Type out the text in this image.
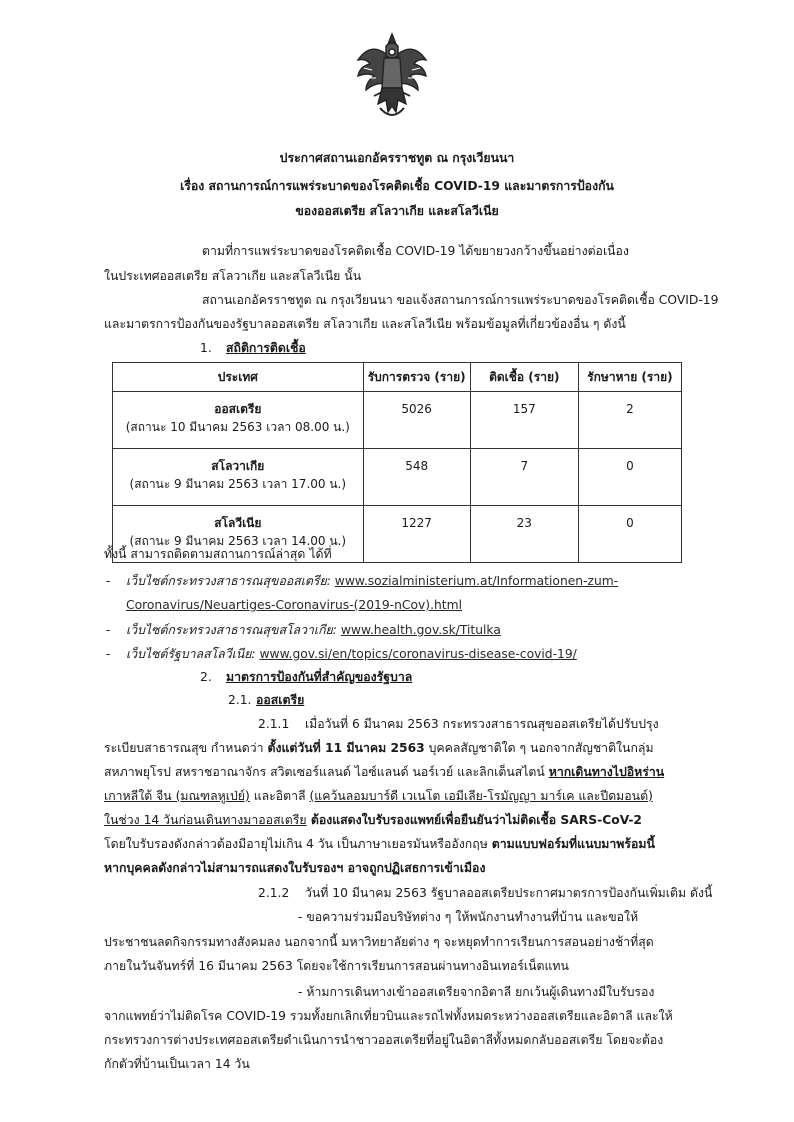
ประกาศสถานเอกอัครราชทูต ณ กรุงเวียนนา
เรื่อง สถานการณ์การแพร่ระบาดของโรคติดเชื้อ COVID-19 และมาตรการป้องกัน
ของออสเตรีย สโลวาเกีย และสโลวีเนีย
ตามที่การแพร่ระบาดของโรคติดเชื้อ COVID-19 ได้ขยายวงกว้างขึ้นอย่างต่อเนื่อง
ในประเทศออสเตรีย สโลวาเกีย และสโลวีเนีย นั้น
สถานเอกอัครราชทูต ณ กรุงเวียนนา ขอแจ้งสถานการณ์การแพร่ระบาดของโรคติดเชื้อ COVID-19
และมาตรการป้องกันของรัฐบาลออสเตรีย สโลวาเกีย และสโลวีเนีย พร้อมข้อมูลที่เกี่ยวข้องอื่น ๆ ดังนี้
1. สถิติการติดเชื้อ
ประเทศ	รับการตรวจ (ราย)	ติดเชื้อ (ราย)	รักษาหาย (ราย)

ออสเตรีย
(สถานะ 10 มีนาคม 2563 เวลา 08.00 น.)	5026	157	2

สโลวาเกีย
(สถานะ 9 มีนาคม 2563 เวลา 17.00 น.)	548	7	0

สโลวีเนีย
(สถานะ 9 มีนาคม 2563 เวลา 14.00 น.)	1227	23	0
ทั้งนี้ สามารถติดตามสถานการณ์ล่าสุด ได้ที่
- เว็บไซต์กระทรวงสาธารณสุขออสเตรีย: www.sozialministerium.at/Informationen-zum-
Coronavirus/Neuartiges-Coronavirus-(2019-nCov).html
- เว็บไซต์กระทรวงสาธารณสุขสโลวาเกีย: www.health.gov.sk/Titulka
- เว็บไซต์รัฐบาลสโลวีเนีย: www.gov.si/en/topics/coronavirus-disease-covid-19/
2. มาตรการป้องกันที่สำคัญของรัฐบาล
2.1. ออสเตรีย
2.1.1 เมื่อวันที่ 6 มีนาคม 2563 กระทรวงสาธารณสุขออสเตรียได้ปรับปรุง
ระเบียบสาธารณสุข กำหนดว่า ตั้งแต่วันที่ 11 มีนาคม 2563 บุคคลสัญชาติใด ๆ นอกจากสัญชาติในกลุ่ม
สหภาพยุโรป สหราชอาณาจักร สวิตเซอร์แลนด์ ไอซ์แลนด์ นอร์เวย์ และลิกเต็นสไตน์ หากเดินทางไปอิหร่าน
เกาหลีใต้ จีน (มณฑลหูเป่ย์) และอิตาลี (แคว้นลอมบาร์ดี เวเนโต เอมีเลีย-โรมัญญา มาร์เค และปีดมอนต์)
ในช่วง 14 วันก่อนเดินทางมาออสเตรีย ต้องแสดงใบรับรองแพทย์เพื่อยืนยันว่าไม่ติดเชื้อ SARS-CoV-2
โดยใบรับรองดังกล่าวต้องมีอายุไม่เกิน 4 วัน เป็นภาษาเยอรมันหรืออังกฤษ ตามแบบฟอร์มที่แนบมาพร้อมนี้
หากบุคคลดังกล่าวไม่สามารถแสดงใบรับรองฯ อาจถูกปฏิเสธการเข้าเมือง
2.1.2 วันที่ 10 มีนาคม 2563 รัฐบาลออสเตรียประกาศมาตรการป้องกันเพิ่มเติม ดังนี้
- ขอความร่วมมือบริษัทต่าง ๆ ให้พนักงานทำงานที่บ้าน และขอให้
ประชาชนลดกิจกรรมทางสังคมลง นอกจากนี้ มหาวิทยาลัยต่าง ๆ จะหยุดทำการเรียนการสอนอย่างช้าที่สุด
ภายในวันจันทร์ที่ 16 มีนาคม 2563 โดยจะใช้การเรียนการสอนผ่านทางอินเทอร์เน็ตแทน
- ห้ามการเดินทางเข้าออสเตรียจากอิตาลี ยกเว้นผู้เดินทางมีใบรับรอง
จากแพทย์ว่าไม่ติดโรค COVID-19 รวมทั้งยกเลิกเที่ยวบินและรถไฟทั้งหมดระหว่างออสเตรียและอิตาลี และให้
กระทรวงการต่างประเทศออสเตรียดำเนินการนำชาวออสเตรียที่อยู่ในอิตาลีทั้งหมดกลับออสเตรีย โดยจะต้อง
กักตัวที่บ้านเป็นเวลา 14 วัน
